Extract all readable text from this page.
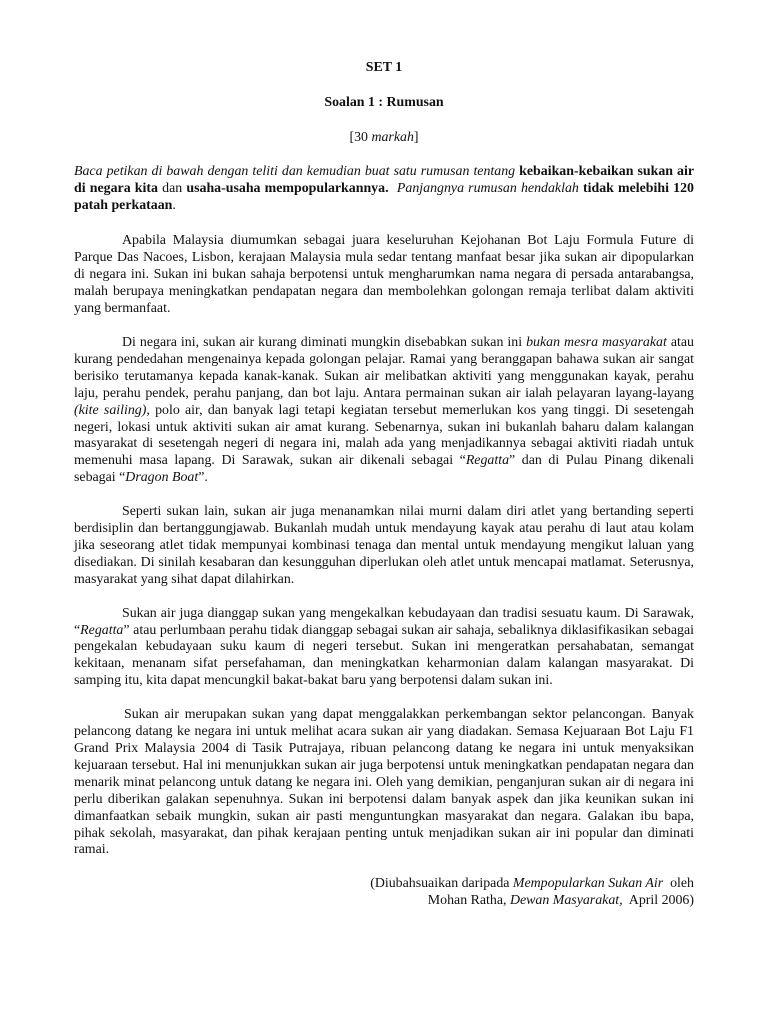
SET 1

Soalan 1 : Rumusan

[30 markah]

Baca petikan di bawah dengan teliti dan kemudian buat satu rumusan tentang kebaikan-kebaikan sukan air di negara kita dan usaha-usaha mempopularkannya.  Panjangnya rumusan hendaklah tidak melebihi 120 patah perkataan.

Apabila Malaysia diumumkan sebagai juara keseluruhan Kejohanan Bot Laju Formula Future di Parque Das Nacoes, Lisbon, kerajaan Malaysia mula sedar tentang manfaat besar jika sukan air dipopularkan di negara ini. Sukan ini bukan sahaja berpotensi untuk mengharumkan nama negara di persada antarabangsa, malah berupaya meningkatkan pendapatan negara dan membolehkan golongan remaja terlibat dalam aktiviti yang bermanfaat.

Di negara ini, sukan air kurang diminati mungkin disebabkan sukan ini bukan mesra masyarakat atau kurang pendedahan mengenainya kepada golongan pelajar. Ramai yang beranggapan bahawa sukan air sangat berisiko terutamanya kepada kanak-kanak. Sukan air melibatkan aktiviti yang menggunakan kayak, perahu laju, perahu pendek, perahu panjang, dan bot laju. Antara permainan sukan air ialah pelayaran layang-layang (kite sailing), polo air, dan banyak lagi tetapi kegiatan tersebut memerlukan kos yang tinggi. Di sesetengah negeri, lokasi untuk aktiviti sukan air amat kurang. Sebenarnya, sukan ini bukanlah baharu dalam kalangan masyarakat di sesetengah negeri di negara ini, malah ada yang menjadikannya sebagai aktiviti riadah untuk memenuhi masa lapang. Di Sarawak, sukan air dikenali sebagai “Regatta” dan di Pulau Pinang dikenali sebagai “Dragon Boat”.

Seperti sukan lain, sukan air juga menanamkan nilai murni dalam diri atlet yang bertanding seperti berdisiplin dan bertanggungjawab. Bukanlah mudah untuk mendayung kayak atau perahu di laut atau kolam jika seseorang atlet tidak mempunyai kombinasi tenaga dan mental untuk mendayung mengikut laluan yang disediakan. Di sinilah kesabaran dan kesungguhan diperlukan oleh atlet untuk mencapai matlamat. Seterusnya, masyarakat yang sihat dapat dilahirkan.

Sukan air juga dianggap sukan yang mengekalkan kebudayaan dan tradisi sesuatu kaum. Di Sarawak, “Regatta” atau perlumbaan perahu tidak dianggap sebagai sukan air sahaja, sebaliknya diklasifikasikan sebagai pengekalan kebudayaan suku kaum di negeri tersebut. Sukan ini mengeratkan persahabatan, semangat kekitaan, menanam sifat persefahaman, dan meningkatkan keharmonian dalam kalangan masyarakat. Di samping itu, kita dapat mencungkil bakat-bakat baru yang berpotensi dalam sukan ini.

Sukan air merupakan sukan yang dapat menggalakkan perkembangan sektor pelancongan. Banyak pelancong datang ke negara ini untuk melihat acara sukan air yang diadakan. Semasa Kejuaraan Bot Laju F1 Grand Prix Malaysia 2004 di Tasik Putrajaya, ribuan pelancong datang ke negara ini untuk menyaksikan kejuaraan tersebut. Hal ini menunjukkan sukan air juga berpotensi untuk meningkatkan pendapatan negara dan menarik minat pelancong untuk datang ke negara ini. Oleh yang demikian, penganjuran sukan air di negara ini perlu diberikan galakan sepenuhnya. Sukan ini berpotensi dalam banyak aspek dan jika keunikan sukan ini dimanfaatkan sebaik mungkin, sukan air pasti menguntungkan masyarakat dan negara. Galakan ibu bapa, pihak sekolah, masyarakat, dan pihak kerajaan penting untuk menjadikan sukan air ini popular dan diminati ramai.

(Diubahsuaikan daripada Mempopularkan Sukan Air  oleh
Mohan Ratha, Dewan Masyarakat,  April 2006)
